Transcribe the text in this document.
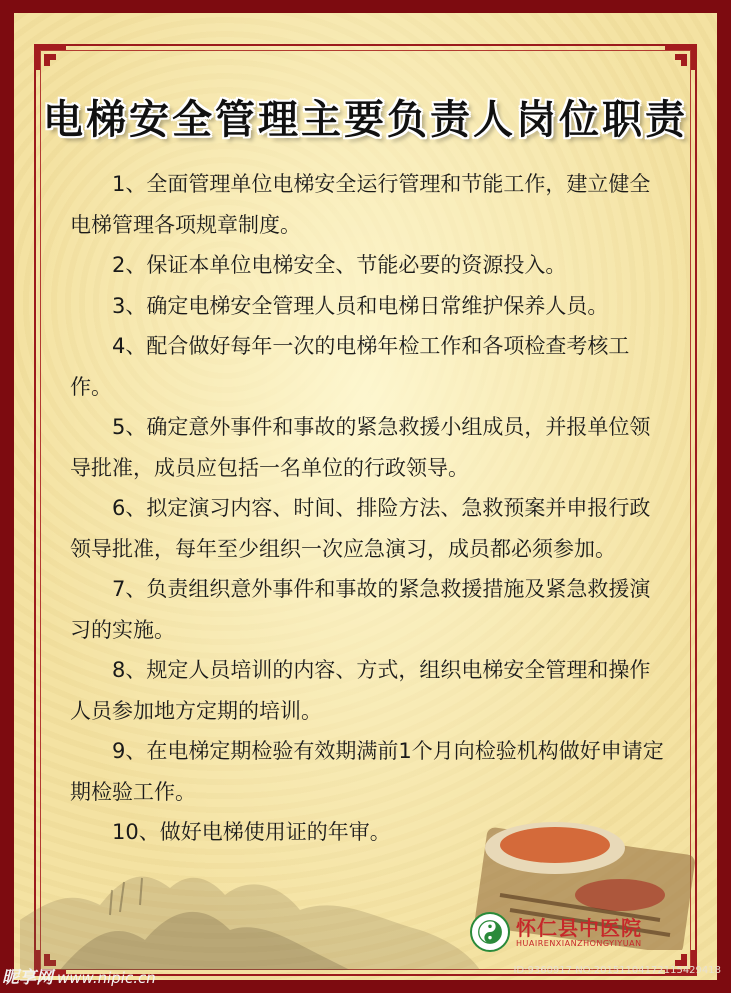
电梯安全管理主要负责人岗位职责

1、全面管理单位电梯安全运行管理和节能工作，建立健全电梯管理各项规章制度。

2、保证本单位电梯安全、节能必要的资源投入。

3、确定电梯安全管理人员和电梯日常维护保养人员。

4、配合做好每年一次的电梯年检工作和各项检查考核工作。

5、确定意外事件和事故的紧急救援小组成员，并报单位领导批准，成员应包括一名单位的行政领导。

6、拟定演习内容、时间、排险方法、急救预案并申报行政领导批准，每年至少组织一次应急演习，成员都必须参加。

7、负责组织意外事件和事故的紧急救援措施及紧急救援演习的实施。

8、规定人员培训的内容、方式，组织电梯安全管理和操作人员参加地方定期的培训。

9、在电梯定期检验有效期满前1个月向检验机构做好申请定期检验工作。

10、做好电梯使用证的年审。

怀仁县中医院
HUAIRENXIANZHONGYIYUAN
昵享网 www.nipic.cn	ID:9360917 NO:20151104172115429418
